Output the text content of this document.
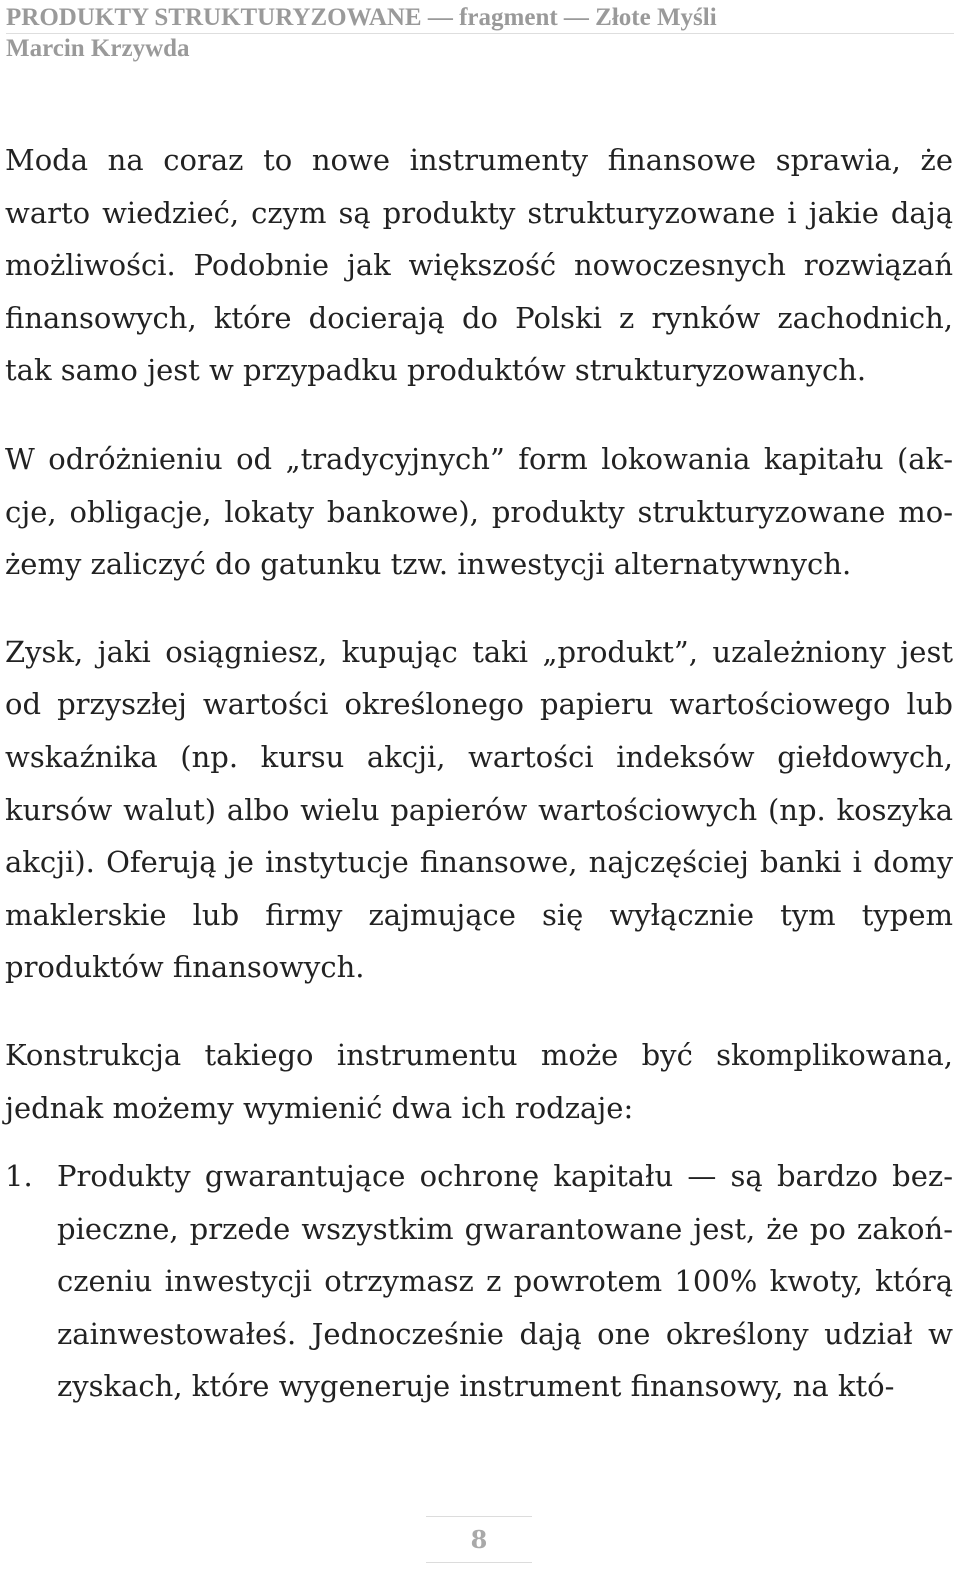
PRODUKTY STRUKTURYZOWANE — fragment — Złote Myśli
Marcin Krzywda

Moda na coraz to nowe instrumenty finansowe sprawia, że warto wiedzieć, czym są produkty strukturyzowane i jakie dają możliwości. Podobnie jak większość nowoczesnych rozwiązań finansowych, które docierają do Polski z rynków zachodnich, tak samo jest w przypadku produktów strukturyzowanych.

W odróżnieniu od „tradycyjnych” form lokowania kapitału (akcje, obligacje, lokaty bankowe), produkty strukturyzowane możemy zaliczyć do gatunku tzw. inwestycji alternatywnych.

Zysk, jaki osiągniesz, kupując taki „produkt”, uzależniony jest od przyszłej wartości określonego papieru wartościowego lub wskaźnika (np. kursu akcji, wartości indeksów giełdowych, kursów walut) albo wielu papierów wartościowych (np. koszyka akcji). Oferują je instytucje finansowe, najczęściej banki i domy maklerskie lub firmy zajmujące się wyłącznie tym typem produktów finansowych.

Konstrukcja takiego instrumentu może być skomplikowana, jednak możemy wymienić dwa ich rodzaje:

1. Produkty gwarantujące ochronę kapitału — są bardzo bezpieczne, przede wszystkim gwarantowane jest, że po zakończeniu inwestycji otrzymasz z powrotem 100% kwoty, którą zainwestowałeś. Jednocześnie dają one określony udział w zyskach, które wygeneruje instrument finansowy, na któ-
8
